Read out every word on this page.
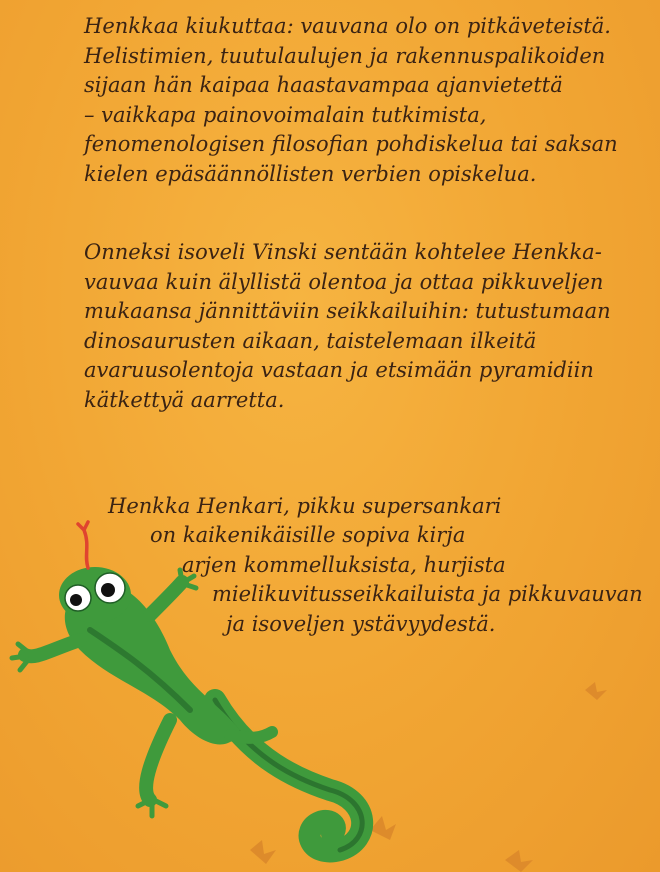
Henkkaa kiukuttaa: vauvana olo on pitkäveteistä.
Helistimien, tuutulaulujen ja rakennuspalikoiden
sijaan hän kaipaa haastavampaa ajanvietettä
– vaikkapa painovoimalain tutkimista,
fenomenologisen filosofian pohdiskelua tai saksan
kielen epäsäännöllisten verbien opiskelua.
Onneksi isoveli Vinski sentään kohtelee Henkka-
vauvaa kuin älyllistä olentoa ja ottaa pikkuveljen
mukaansa jännittäviin seikkailuihin: tutustumaan
dinosaurusten aikaan, taistelemaan ilkeitä
avaruusolentoja vastaan ja etsimään pyramidiin
kätkettyä aarretta.
Henkka Henkari, pikku supersankari
on kaikenikäisille sopiva kirja
arjen kommelluksista, hurjista
mielikuvitusseikkailuista ja pikkuvauvan
ja isoveljen ystävyydestä.
